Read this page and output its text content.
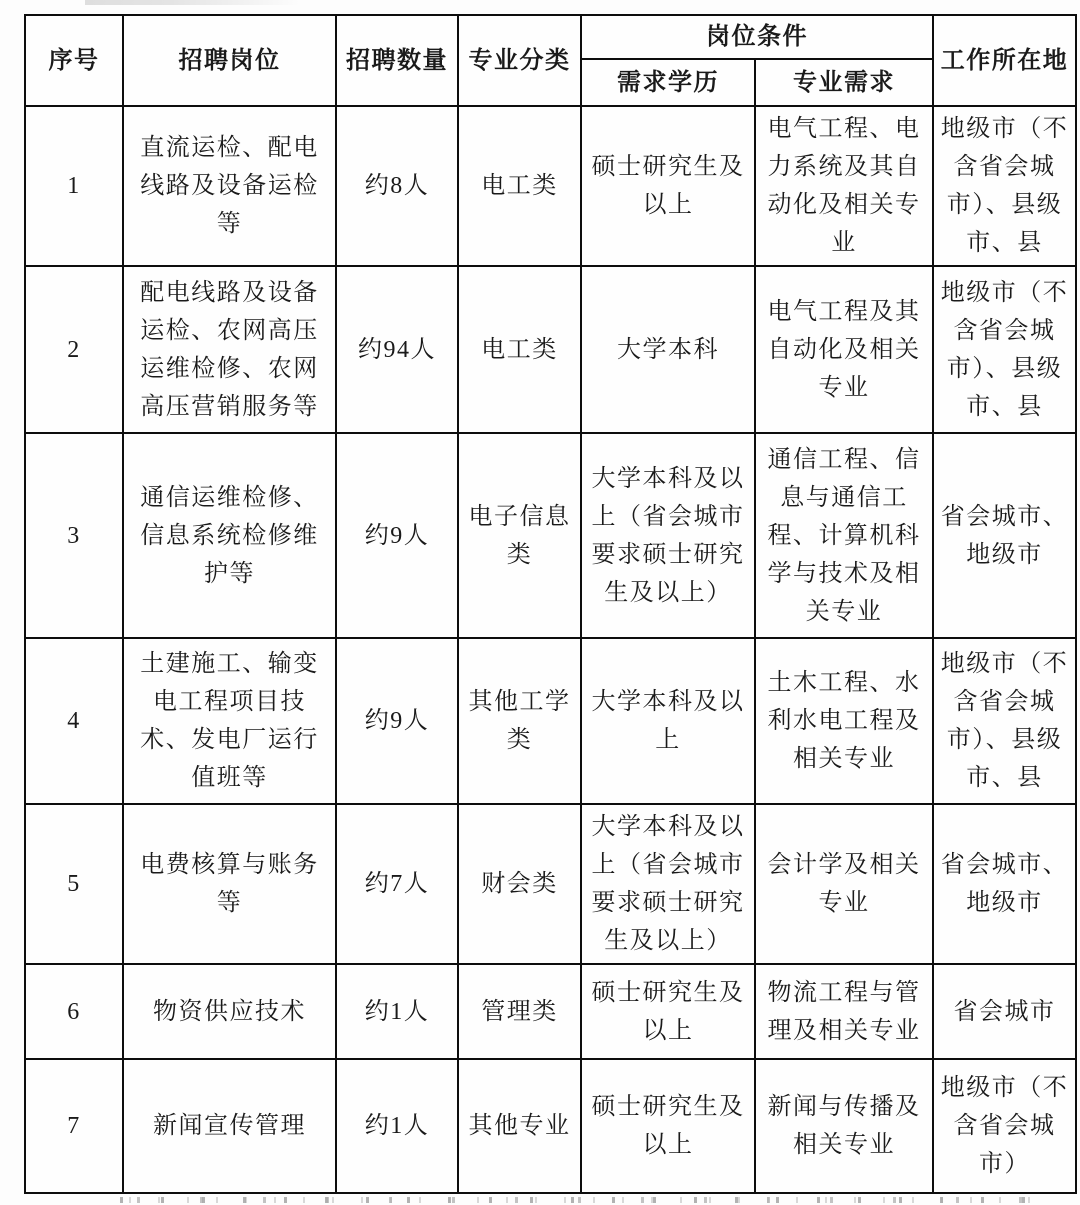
序号	招聘岗位	招聘数量	专业分类	岗位条件		工作所在地
				需求学历	专业需求	
1	直流运检、配电线路及设备运检等	约8人	电工类	硕士研究生及以上	电气工程、电力系统及其自动化及相关专业	地级市（不含省会城市）、县级市、县
2	配电线路及设备运检、农网高压运维检修、农网高压营销服务等	约94人	电工类	大学本科	电气工程及其自动化及相关专业	地级市（不含省会城市）、县级市、县
3	通信运维检修、信息系统检修维护等	约9人	电子信息类	大学本科及以上（省会城市要求硕士研究生及以上）	通信工程、信息与通信工程、计算机科学与技术及相关专业	省会城市、地级市
4	土建施工、输变电工程项目技术、发电厂运行值班等	约9人	其他工学类	大学本科及以上	土木工程、水利水电工程及相关专业	地级市（不含省会城市）、县级市、县
5	电费核算与账务等	约7人	财会类	大学本科及以上（省会城市要求硕士研究生及以上）	会计学及相关专业	省会城市、地级市
6	物资供应技术	约1人	管理类	硕士研究生及以上	物流工程与管理及相关专业	省会城市
7	新闻宣传管理	约1人	其他专业	硕士研究生及以上	新闻与传播及相关专业	地级市（不含省会城市）
